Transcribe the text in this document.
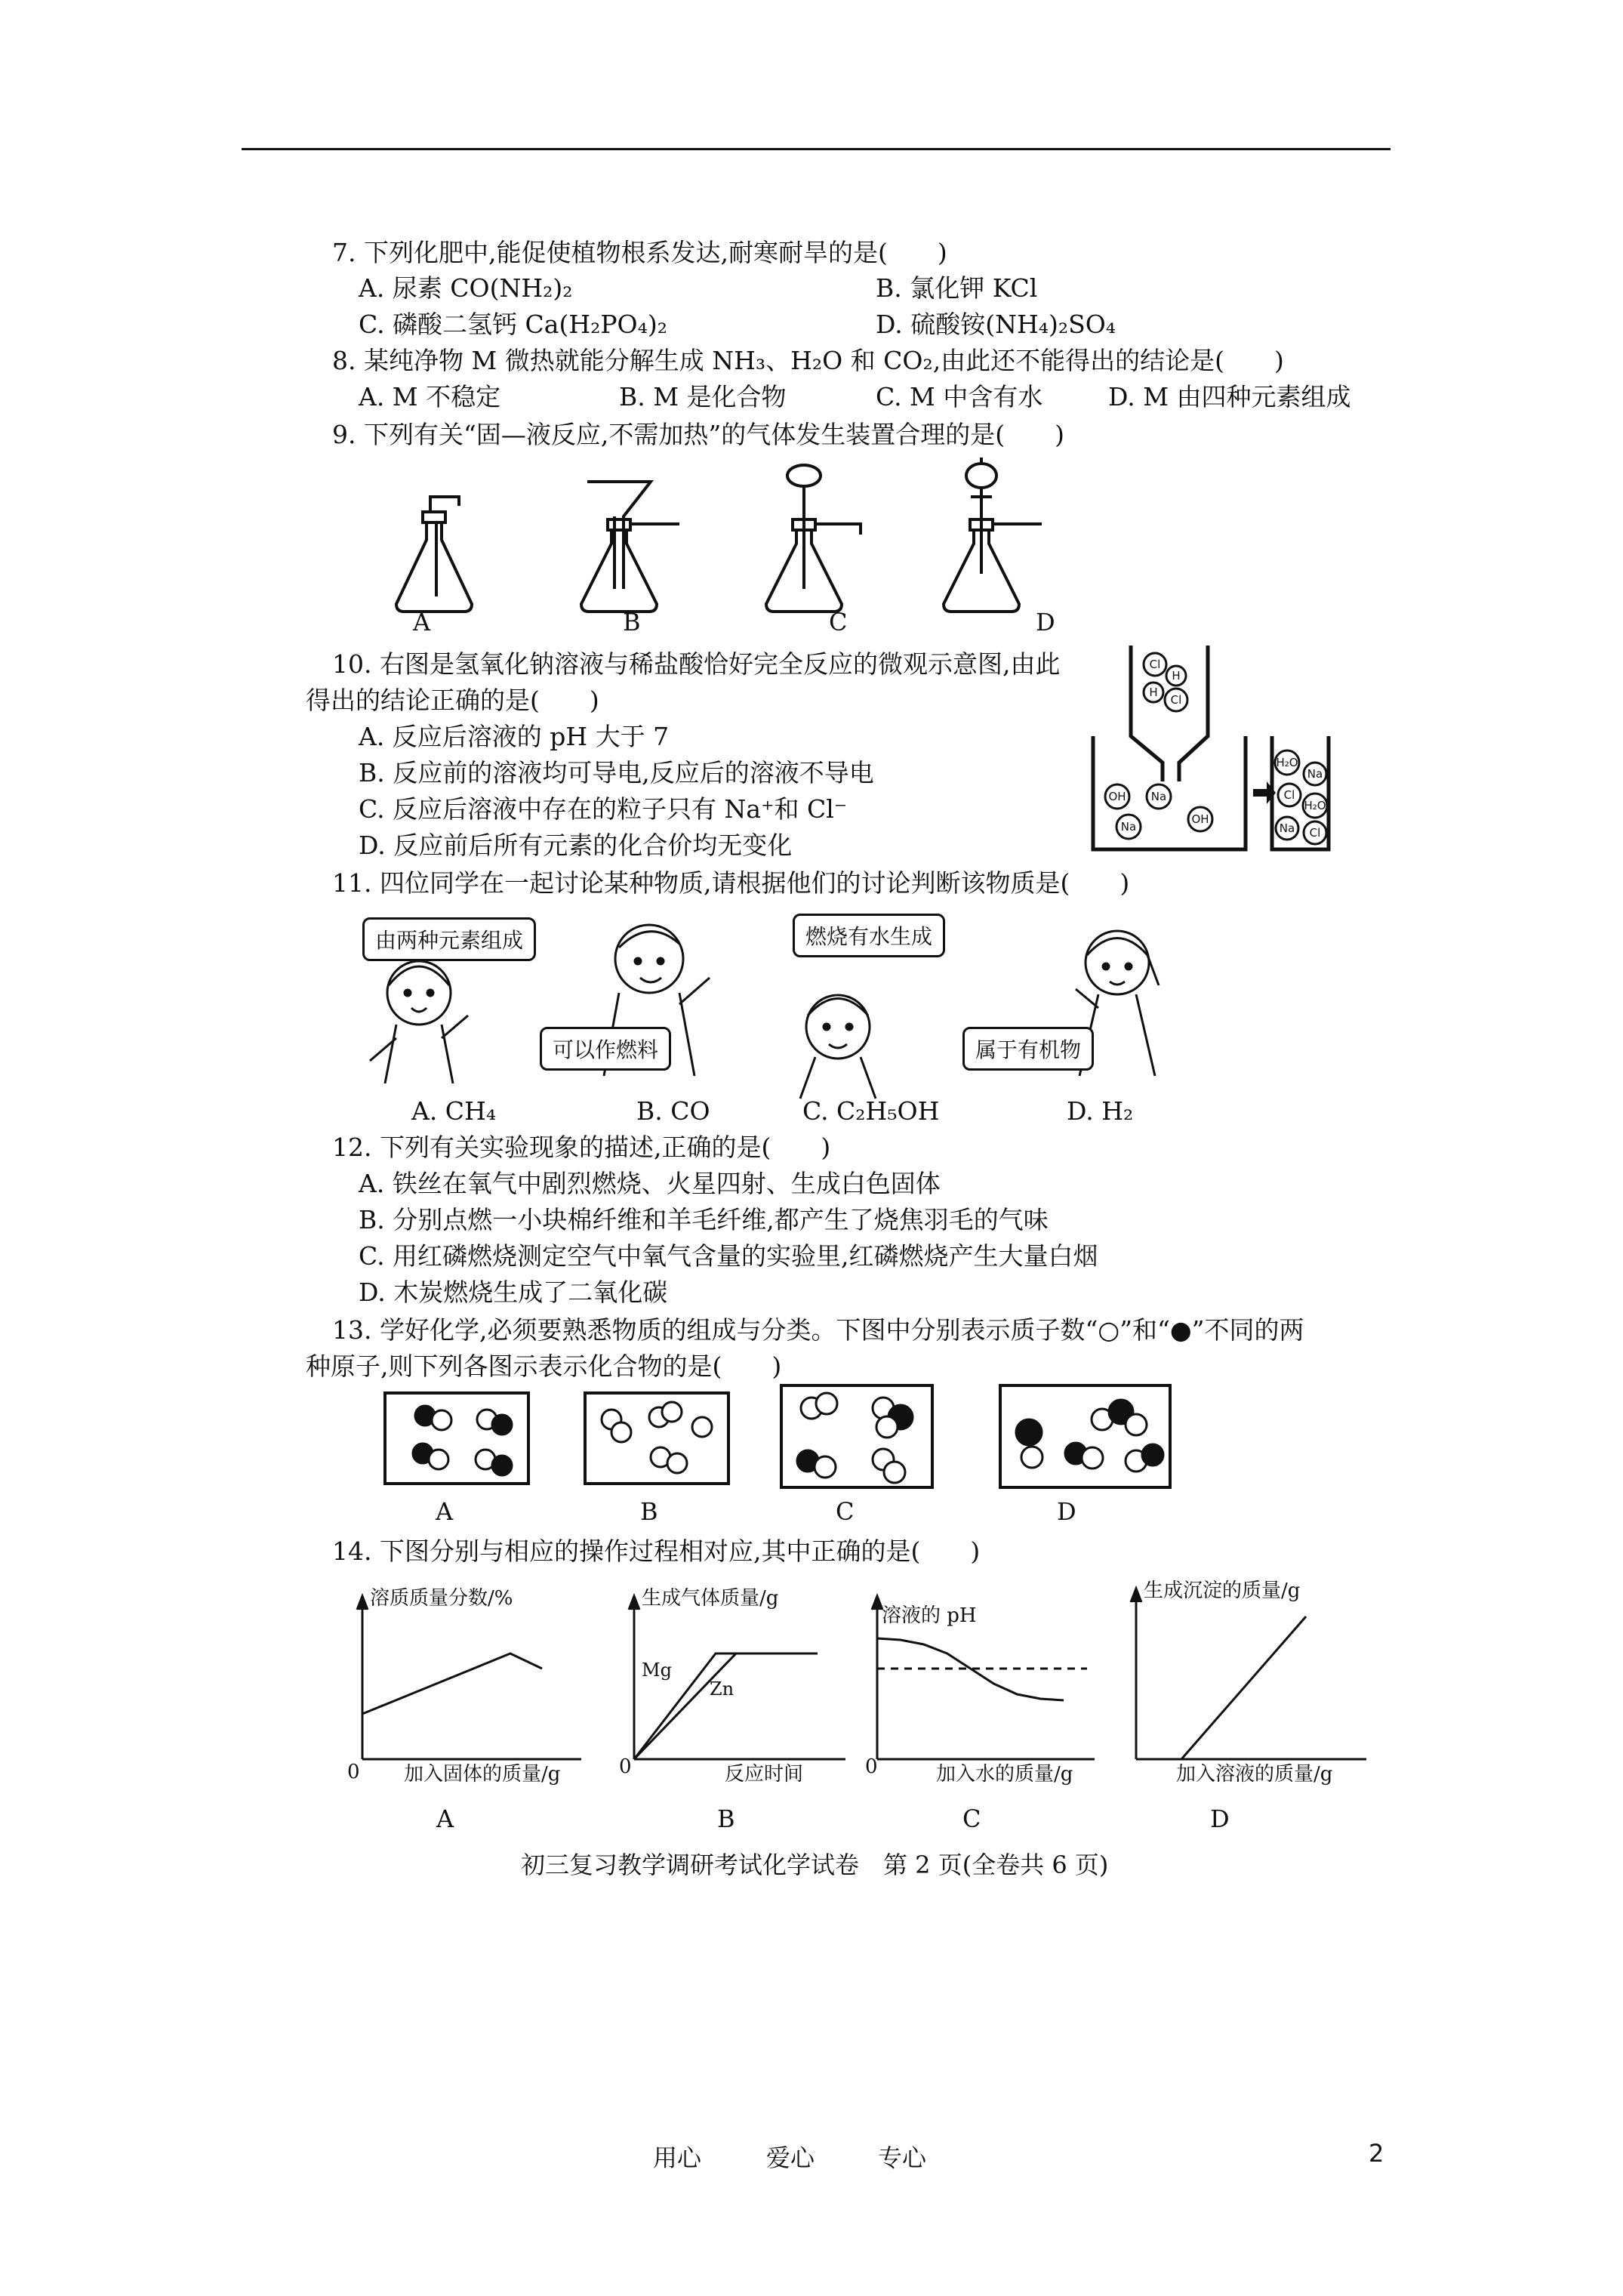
7. 下列化肥中,能促使植物根系发达,耐寒耐旱的是(　　)
A. 尿素 CO(NH₂)₂	B. 氯化钾 KCl
C. 磷酸二氢钙 Ca(H₂PO₄)₂	D. 硫酸铵(NH₄)₂SO₄
8. 某纯净物 M 微热就能分解生成 NH₃、H₂O 和 CO₂,由此还不能得出的结论是(　　)
A. M 不稳定	B. M 是化合物	C. M 中含有水	D. M 由四种元素组成
9. 下列有关“固—液反应,不需加热”的气体发生装置合理的是(　　)
A	B	C	D
10. 右图是氢氧化钠溶液与稀盐酸恰好完全反应的微观示意图,由此
得出的结论正确的是(　　)
A. 反应后溶液的 pH 大于 7
B. 反应前的溶液均可导电,反应后的溶液不导电
C. 反应后溶液中存在的粒子只有 Na⁺和 Cl⁻
D. 反应前后所有元素的化合价均无变化
Cl
H
H
Cl
OH Na
Na
OH
H₂O
Na
Cl
H₂O
Na Cl
11. 四位同学在一起讨论某种物质,请根据他们的讨论判断该物质是(　　)
由两种元素组成
可以作燃料
燃烧有水生成
属于有机物
A. CH₄	B. CO	C. C₂H₅OH	D. H₂
12. 下列有关实验现象的描述,正确的是(　　)
A. 铁丝在氧气中剧烈燃烧、火星四射、生成白色固体
B. 分别点燃一小块棉纤维和羊毛纤维,都产生了烧焦羽毛的气味
C. 用红磷燃烧测定空气中氧气含量的实验里,红磷燃烧产生大量白烟
D. 木炭燃烧生成了二氧化碳
13. 学好化学,必须要熟悉物质的组成与分类。下图中分别表示质子数“○”和“●”不同的两
种原子,则下列各图示表示化合物的是(　　)
A	B	C	D
14. 下图分别与相应的操作过程相对应,其中正确的是(　　)
溶质质量分数/%
加入固体的质量/g
0
A
生成气体质量/g
反应时间
0
Mg
Zn
B
溶液的 pH
加入水的质量/g
0
C
生成沉淀的质量/g
加入溶液的质量/g
D
初三复习教学调研考试化学试卷　第 2 页(全卷共 6 页)
用心	爱心	专心	2
